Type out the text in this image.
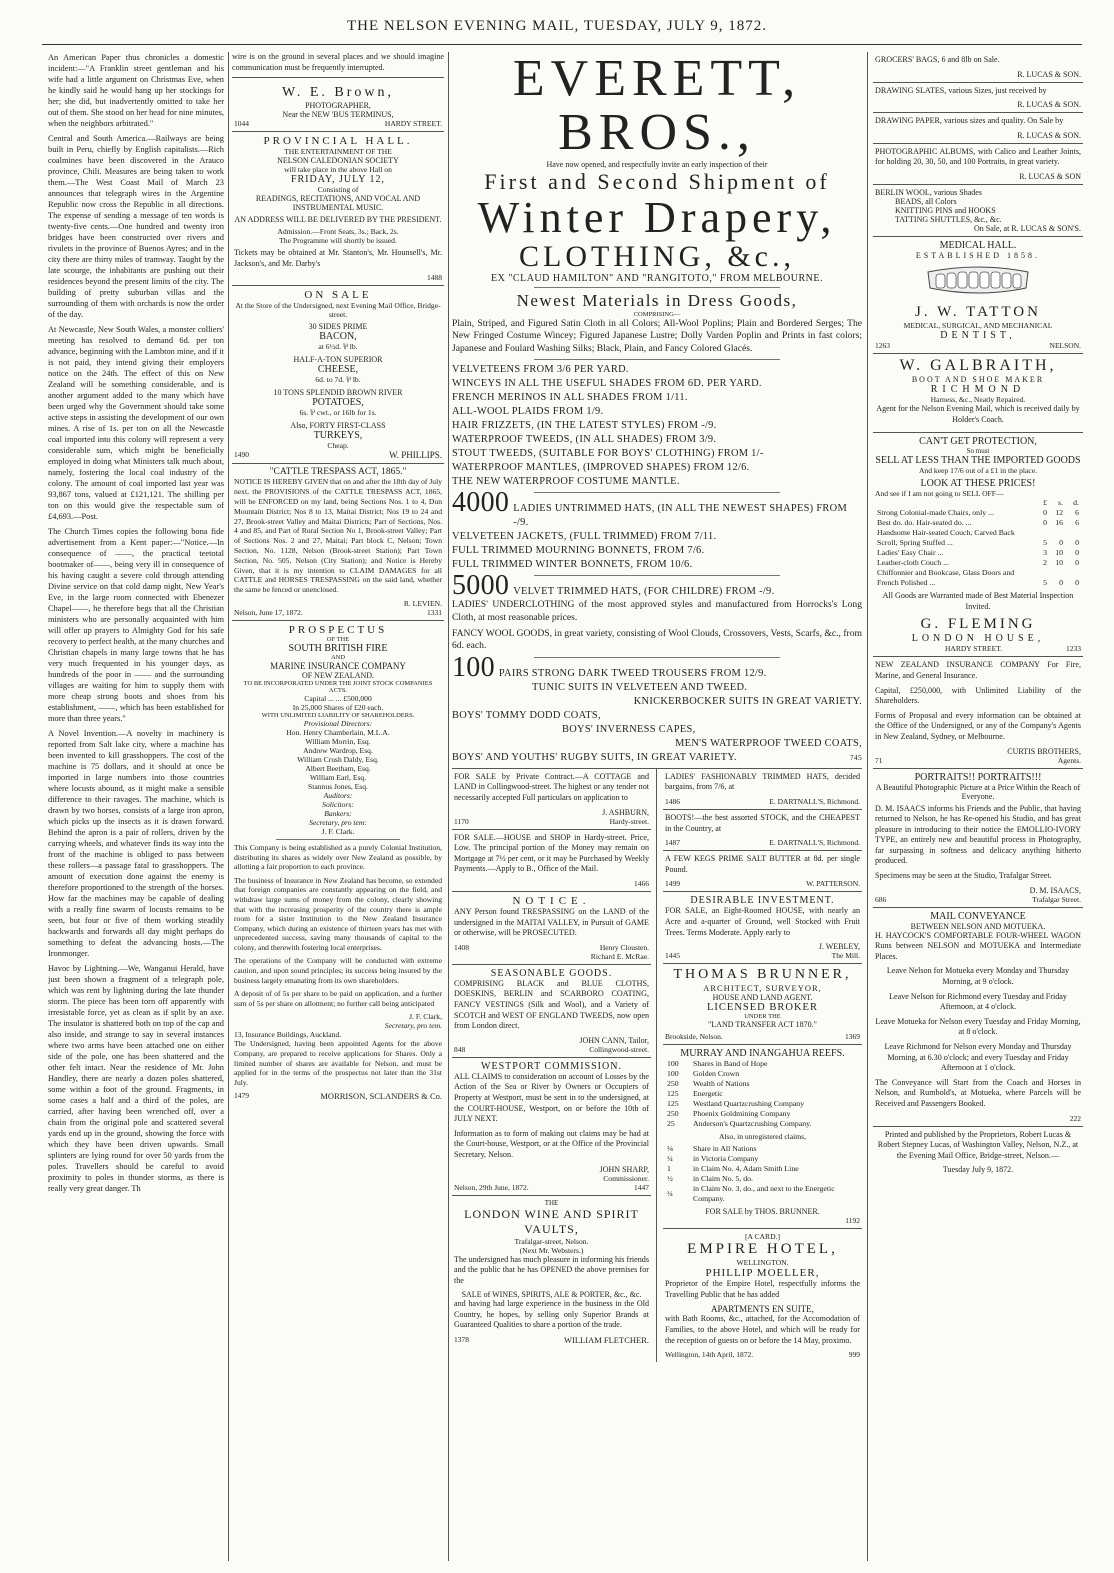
THE NELSON EVENING MAIL, TUESDAY, JULY 9, 1872.

An American Paper thus chronicles a domestic incident:—"A Franklin street gentleman and his wife had a little argument on Christmas Eve, when he kindly said he would hang up her stockings for her; she did, but inadvertently omitted to take her out of them. She stood on her head for nine minutes, when the neighbors arbitrated."

Central and South America.—Railways are being built in Peru, chiefly by English capitalists.—Rich coalmines have been discovered in the Arauco province, Chili. Measures are being taken to work them.—The West Coast Mail of March 23 announces that telegraph wires in the Argentine Republic now cross the Republic in all directions. The expense of sending a message of ten words is twenty-five cents.—One hundred and twenty iron bridges have been constructed over rivers and rivulets in the province of Buenos Ayres; and in the city there are thirty miles of tramway. Taught by the late scourge, the inhabitants are pushing out their residences beyond the present limits of the city. The building of pretty suburban villas and the surrounding of them with orchards is now the order of the day.

At Newcastle, New South Wales, a monster colliers' meeting has resolved to demand 6d. per ton advance, beginning with the Lambton mine, and if it is not paid, they intend giving their employers notice on the 24th. The effect of this on New Zealand will be something considerable, and is another argument added to the many which have been urged why the Government should take some active steps in assisting the development of our own mines. A rise of 1s. per ton on all the Newcastle coal imported into this colony will represent a very considerable sum, which might be beneficially employed in doing what Ministers talk much about, namely, fostering the local coal industry of the colony. The amount of coal imported last year was 93,867 tons, valued at £121,121. The shilling per ton on this would give the respectable sum of £4,693.—Post.

The Church Times copies the following bona fide advertisement from a Kent paper:—"Notice.—In consequence of ——, the practical teetotal bootmaker of——, being very ill in consequence of his having caught a severe cold through attending Divine service on that cold damp night, New Year's Eve, in the large room connected with Ebenezer Chapel——, he therefore begs that all the Christian ministers who are personally acquainted with him will offer up prayers to Almighty God for his safe recovery to perfect health, at the many churches and Christian chapels in many large towns that he has very much frequented in his younger days, as hundreds of the poor in —— and the surrounding villages are waiting for him to supply them with more cheap strong boots and shoes from his establishment, ——, which has been established for more than three years."

A Novel Invention.—A novelty in machinery is reported from Salt lake city, where a machine has been invented to kill grasshoppers. The cost of the machine is 75 dollars, and it should at once be imported in large numbers into those countries where locusts abound, as it might make a sensible difference to their ravages. The machine, which is drawn by two horses, consists of a large iron apron, which picks up the insects as it is drawn forward. Behind the apron is a pair of rollers, driven by the carrying wheels, and whatever finds its way into the front of the machine is obliged to pass between these rollers—a passage fatal to grasshoppers. The amount of execution done against the enemy is therefore proportioned to the strength of the horses. How far the machines may be capable of dealing with a really fine swarm of locusts remains to be seen, but four or five of them working steadily backwards and forwards all day might perhaps do something to defeat the advancing hosts.—The Ironmonger.

Havoc by Lightning.—We, Wanganui Herald, have just been shown a fragment of a telegraph pole, which was rent by lightning during the late thunder storm. The piece has been torn off apparently with irresistable force, yet as clean as if split by an axe. The insulator is shattered both on top of the cap and also inside, and strange to say in several instances where two arms have been attached one on either side of the pole, one has been shattered and the other felt intact. Near the residence of Mr. John Handley, there are nearly a dozen poles shattered, some within a foot of the ground. Fragments, in some cases a half and a third of the poles, are carried, after having been wrenched off, over a chain from the original pole and scattered several yards end up in the ground, showing the force with which they have been driven upwards. Small splinters are lying round for over 50 yards from the poles. Travellers should be careful to avoid proximity to poles in thunder storms, as there is really very great danger. Th

wire is on the ground in several places and we should imagine communication must be frequently interrupted.

W. E. Brown,
PHOTOGRAPHER,
Near the NEW 'BUS TERMINUS,
1044	HARDY STREET.
PROVINCIAL HALL.
THE ENTERTAINMENT OF THE
NELSON CALEDONIAN SOCIETY
will take place in the above Hall on
FRIDAY, JULY 12,
Consisting of
READINGS, RECITATIONS, AND VOCAL AND INSTRUMENTAL MUSIC.
AN ADDRESS WILL BE DELIVERED BY THE PRESIDENT.
Admission.—Front Seats, 3s.; Back, 2s.
The Programme will shortly be issued.

Tickets may be obtained at Mr. Stanton's, Mr. Hounsell's, Mr. Jackson's, and Mr. Darby's

1488
ON SALE
At the Store of the Undersigned, next Evening Mail Office, Bridge-street.
30 SIDES PRIME
BACON,
at 6½d. ⅌ lb.
HALF-A-TON SUPERIOR
CHEESE,
6d. to 7d. ⅌ lb.
10 TONS SPLENDID BROWN RIVER
POTATOES,
6s. ⅌ cwt., or 16lb for 1s.
Also, FORTY FIRST-CLASS
TURKEYS,
Cheap.
1490	W. PHILLIPS.
"CATTLE TRESPASS ACT, 1865."

NOTICE IS HEREBY GIVEN that on and after the 18th day of July next, the PROVISIONS of the CATTLE TRESPASS ACT, 1865, will be ENFORCED on my land, being Sections Nos. 1 to 4, Dun Mountain District; Nos 8 to 13, Maitai District; Nos 19 to 24 and 27, Brook-street Valley and Maitai Districts; Part of Sections, Nos. 4 and 85, and Part of Rural Section No 1, Brook-street Valley; Part of Sections Nos. 2 and 27, Maitai; Part block C, Nelson; Town Section, No. 1128, Nelson (Brook-street Station); Part Town Section, No. 505, Nelson (City Station); and Notice is Hereby Given, that it is my intention to CLAIM DAMAGES for all CATTLE and HORSES TRESPASSING on the said land, whether the same be fenced or unenclosed.

R. LEVIEN.
Nelson, June 17, 1872.	1331
PROSPECTUS
OF THE
SOUTH BRITISH FIRE
AND
MARINE INSURANCE COMPANY
OF NEW ZEALAND.
TO BE INCORPORATED UNDER THE JOINT STOCK COMPANIES ACTS.
Capital ... ... £500,000
In 25,000 Shares of £20 each.
WITH UNLIMITED LIABILITY OF SHAREHOLDERS.
Provisional Directors:
Hon. Henry Chamberlain, M.L.A.
William Morrin, Esq.
Andrew Wardrop, Esq.
William Crush Daldy, Esq.
Albert Beetham, Esq.
William Earl, Esq.
Stannus Jones, Esq.
Auditors:
Solicitors:
Bankers:
Secretary, pro tem:
J. F. Clark.

This Company is being established as a purely Colonial Institution, distributing its shares as widely over New Zealand as possible, by allotting a fair proportion to each province.

The business of Insurance in New Zealand has become, so extended that foreign companies are constantly appearing on the field, and withdraw large sums of money from the colony, clearly showing that with the increasing prosperity of the country there is ample room for a sister Institution to the New Zealand Insurance Company, which during an existence of thirteen years has met with unprecedented success, saving many thousands of capital to the colony, and therewith fostering local enterprises.

The operations of the Company will be conducted with extreme caution, and upon sound principles; its success being insured by the business largely emanating from its own shareholders.

A deposit of of 5s per share to be paid on application, and a further sum of 5s per share on allotment; no further call being anticipated

J. F. Clark,
Secretary, pro tem.
13, Insurance Buildings, Auckland.

The Undersigned, having been appointed Agents for the above Company, are prepared to receive applications for Shares. Only a limited number of shares are available for Nelson, and must be applied for in the terms of the prospectus not later than the 31st July.

1479	MORRISON, SCLANDERS & Co.
EVERETT, BROS.,
Have now opened, and respectfully invite an early inspection of their
First and Second Shipment of
Winter Drapery,
CLOTHING, &c.,
EX "CLAUD HAMILTON" AND "RANGITOTO," FROM MELBOURNE.
Newest Materials in Dress Goods,
COMPRISING—

Plain, Striped, and Figured Satin Cloth in all Colors; All-Wool Poplins; Plain and Bordered Serges; The New Fringed Costume Wincey; Figured Japanese Lustre; Dolly Varden Poplin and Prints in fast colors; Japanese and Foulard Washing Silks; Black, Plain, and Fancy Colored Glacés.

VELVETEENS FROM 3/6 PER YARD.
WINCEYS IN ALL THE USEFUL SHADES FROM 6D. PER YARD.
FRENCH MERINOS IN ALL SHADES FROM 1/11.
ALL-WOOL PLAIDS FROM 1/9.
HAIR FRIZZETS, (IN THE LATEST STYLES) FROM -/9.
WATERPROOF TWEEDS, (IN ALL SHADES) FROM 3/9.
STOUT TWEEDS, (SUITABLE FOR BOYS' CLOTHING) FROM 1/-
WATERPROOF MANTLES, (IMPROVED SHAPES) FROM 12/6.
THE NEW WATERPROOF COSTUME MANTLE.
4000 LADIES UNTRIMMED HATS, (IN ALL THE NEWEST SHAPES) FROM -/9.
VELVETEEN JACKETS, (FULL TRIMMED) FROM 7/11.
FULL TRIMMED MOURNING BONNETS, FROM 7/6.
FULL TRIMMED WINTER BONNETS, FROM 10/6.
5000 VELVET TRIMMED HATS, (FOR CHILDRE) FROM -/9.

LADIES' UNDERCLOTHING of the most approved styles and manufactured from Horrocks's Long Cloth, at most reasonable prices.

FANCY WOOL GOODS, in great variety, consisting of Wool Clouds, Crossovers, Vests, Scarfs, &c., from 6d. each.

100 PAIRS STRONG DARK TWEED TROUSERS FROM 12/9.
TUNIC SUITS IN VELVETEEN AND TWEED.
KNICKERBOCKER SUITS IN GREAT VARIETY.
BOYS' TOMMY DODD COATS,
BOYS' INVERNESS CAPES,
MEN'S WATERPROOF TWEED COATS,
BOYS' AND YOUTHS' RUGBY SUITS, IN GREAT VARIETY.	745

FOR SALE by Private Contract.—A COTTAGE and LAND in Collingwood-street. The highest or any tender not necessarily accepted Full particulars on application to

J. ASHBURN,
1170	Hardy-street.

FOR SALE.—HOUSE and SHOP in Hardy-street. Price, Low. The principal portion of the Money may remain on Mortgage at 7½ per cent, or it may be Purchased by Weekly Payments.—Apply to B., Office of the Mail.

1466
NOTICE.

ANY Person found TRESPASSING on the LAND of the undersigned in the MAITAI VALLEY, in Pursuit of GAME or otherwise, will be PROSECUTED.

1408	Henry Clousten.
Richard E. McRae.
SEASONABLE GOODS.

COMPRISING BLACK and BLUE CLOTHS, DOESKINS, BERLIN and SCARBORO COATING, FANCY VESTINGS (Silk and Wool), and a Variety of SCOTCH and WEST OF ENGLAND TWEEDS, now open from London direct.

JOHN CANN, Tailor,
848	Collingwood-street.
WESTPORT COMMISSION.

ALL CLAIMS to consideration on account of Losses by the Action of the Sea or River by Owners or Occupiers of Property at Westport, must be sent in to the undersigned, at the COURT-HOUSE, Westport, on or before the 10th of JULY NEXT.

Information as to form of making out claims may be had at the Court-house, Westport, or at the Office of the Provincial Secretary, Nelson.

JOHN SHARP,
Commissioner.
Nelson, 29th June, 1872.	1447
THE
LONDON WINE AND SPIRIT VAULTS,
Trafalgar-street, Nelson.
(Next Mr. Websters.)

The undersigned has much pleasure in informing his friends and the public that he has OPENED the above premises for the

SALE of WINES, SPIRITS, ALE & PORTER, &c., &c.

and having had large experience in the business in the Old Country, he hopes, by selling only Superior Brands at Guaranteed Qualities to share a portion of the trade.

1378	WILLIAM FLETCHER.

LADIES' FASHIONABLY TRIMMED HATS, decided bargains, from 7/6, at

1486	E. DARTNALL'S, Richmond.

BOOTS!—the best assorted STOCK, and the CHEAPEST in the Country, at

1487	E. DARTNALL'S, Richmond.

A FEW KEGS PRIME SALT BUTTER at 8d. per single Pound.

1499	W. PATTERSON.
DESIRABLE INVESTMENT.

FOR SALE, an Eight-Roomed HOUSE, with nearly an Acre and a-quarter of Ground, well Stocked with Fruit Trees. Terms Moderate. Apply early to

J. WEBLEY,
1445	The Mill.
THOMAS BRUNNER,
ARCHITECT, SURVEYOR,
HOUSE AND LAND AGENT.
LICENSED BROKER
UNDER THE
"LAND TRANSFER ACT 1870."
Brookside, Nelson.	1369
MURRAY AND INANGAHUA REEFS.
100	Shares in Band of Hope
100	Golden Crown
250	Wealth of Nations
125	Energetic
125	Westland Quartzcrushing Company
250	Phoenix Goldmining Company
25	Anderson's Quartzcrushing Company.
Also, in unregistered claims,
⅛	Share in All Nations
¼	in Victoria Company
1	in Claim No. 4, Adam Smith Line
½	in Claim No. 5, do.
¼	in Claim No. 3, do., and next to the Energetic Company.
FOR SALE by THOS. BRUNNER.
1192
[A CARD.]
EMPIRE HOTEL,
WELLINGTON.
PHILLIP MOELLER,

Proprietor of the Empire Hotel, respectfully informs the Travelling Public that he has added

APARTMENTS EN SUITE,

with Bath Rooms, &c., attached, for the Accomodation of Families, to the above Hotel, and which will be ready for the reception of guests on or before the 14 May, proximo.

Wellington, 14th April, 1872.	999

GROCERS' BAGS, 6 and 8lb on Sale.

R. LUCAS & SON.

DRAWING SLATES, various Sizes, just received by

R. LUCAS & SON.

DRAWING PAPER, various sizes and quality. On Sale by

R. LUCAS & SON.

PHOTOGRAPHIC ALBUMS, with Calico and Leather Joints, for holding 20, 30, 50, and 100 Portraits, in great variety.

R. LUCAS & SON
BERLIN WOOL, various Shades
BEADS, all Colors
KNITTING PINS and HOOKS
TATTING SHUTTLES, &c., &c.
On Sale, at R. LUCAS & SON'S.
MEDICAL HALL.
ESTABLISHED 1858.
J. W. TATTON
MEDICAL, SURGICAL, AND MECHANICAL
DENTIST,
1263	NELSON.
W. GALBRAITH,
BOOT AND SHOE MAKER
RICHMOND
Harness, &c., Neatly Repaired.

Agent for the Nelson Evening Mail, which is received daily by Holder's Coach.

CAN'T GET PROTECTION,
So must
SELL AT LESS THAN THE IMPORTED GOODS
And keep 17/6 out of a £1 in the place.
LOOK AT THESE PRICES!
And see if I am not going to SELL OFF—
	£	s.	d.
Strong Colonial-made Chairs, only ...	0	12	6
Best do. do. Hair-seated do. ...	0	16	6
Handsome Hair-seated Couch, Carved Back Scroll, Spring Stuffed ...	5	0	0
Ladies' Easy Chair ...	3	10	0
Leather-cloth Couch ...	2	10	0
Chiffonnier and Bookcase, Glass Doors and French Polished ...	5	0	0

All Goods are Warranted made of Best Material Inspection Invited.

G. FLEMING
LONDON HOUSE,
HARDY STREET.	1233

NEW ZEALAND INSURANCE COMPANY For Fire, Marine, and General Insurance.

Capital, £250,000, with Unlimited Liability of the Shareholders.

Forms of Proposal and every information can be obtained at the Office of the Undersigned, or any of the Company's Agents in New Zealand, Sydney, or Melbourne.

CURTIS BROTHERS,
71	Agents.
PORTRAITS!! PORTRAITS!!!
A Beautiful Photographic Picture at a Price Within the Reach of Everyone.

D. M. ISAACS informs his Friends and the Public, that having returned to Nelson, he has Re-opened his Studio, and has great pleasure in introducing to their notice the EMOLLIO-IVORY TYPE, an entirely new and beautiful process in Photography, far surpassing in softness and delicacy anything hitherto produced.

Specimens may be seen at the Studio, Trafalgar Street.

D. M. ISAACS,
686	Trafalgar Street.
MAIL CONVEYANCE
BETWEEN NELSON AND MOTUEKA.

H. HAYCOCK'S COMFORTABLE FOUR-WHEEL WAGON Runs between NELSON and MOTUEKA and Intermediate Places.

Leave Nelson for Motueka every Monday and Thursday Morning, at 9 o'clock.

Leave Nelson for Richmond every Tuesday and Friday Afternoon, at 4 o'clock.

Leave Motueka for Nelson every Tuesday and Friday Morning, at 8 o'clock.

Leave Richmond for Nelson every Monday and Thursday Morning, at 6.30 o'clock; and every Tuesday and Friday Afternoon at 1 o'clock.

The Conveyance will Start from the Coach and Horses in Nelson, and Rumbold's, at Motueka, where Parcels will be Received and Passengers Booked.

222

Printed and published by the Proprietors, Robert Lucas & Robert Stepney Lucas, of Washington Valley, Nelson, N.Z., at the Evening Mail Office, Bridge-street, Nelson.—

Tuesday July 9, 1872.
